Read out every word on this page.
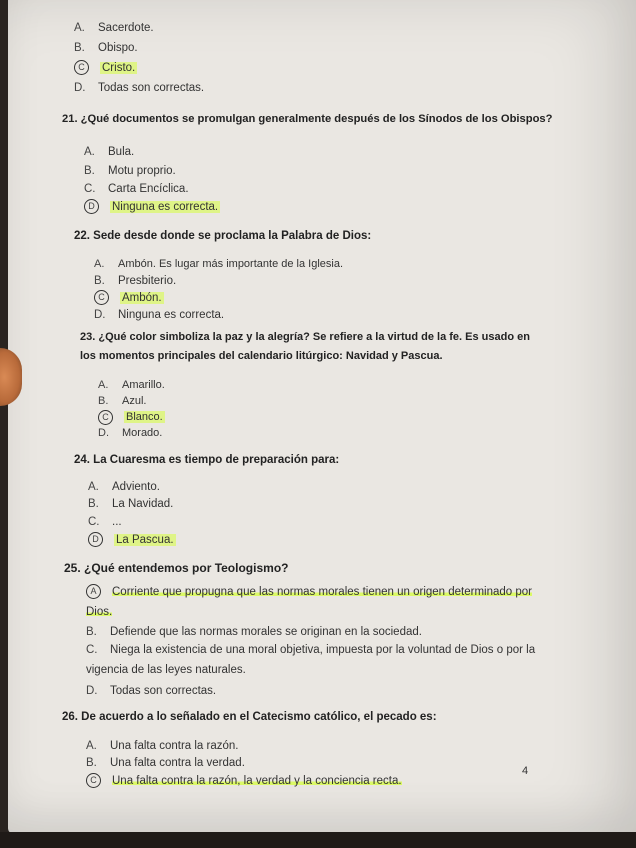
A. Sacerdote.
B. Obispo.
C Cristo.
D. Todas son correctas.
21. ¿Qué documentos se promulgan generalmente después de los Sínodos de los Obispos?
A. Bula.
B. Motu proprio.
C. Carta Encíclica.
D Ninguna es correcta.
22. Sede desde donde se proclama la Palabra de Dios:
A. Ambón. Es lugar más importante de la Iglesia.
B. Presbiterio.
C Ambón.
D. Ninguna es correcta.
23. ¿Qué color simboliza la paz y la alegría? Se refiere a la virtud de la fe. Es usado en los momentos principales del calendario litúrgico: Navidad y Pascua.
A. Amarillo.
B. Azul.
C Blanco.
D. Morado.
24. La Cuaresma es tiempo de preparación para:
A. Adviento.
B. La Navidad.
C. ...
D La Pascua.
25. ¿Qué entendemos por Teologismo?
A Corriente que propugna que las normas morales tienen un origen determinado por Dios.
B. Defiende que las normas morales se originan en la sociedad.
C. Niega la existencia de una moral objetiva, impuesta por la voluntad de Dios o por la vigencia de las leyes naturales.
D. Todas son correctas.
26. De acuerdo a lo señalado en el Catecismo católico, el pecado es:
A. Una falta contra la razón.
B. Una falta contra la verdad.
C Una falta contra la razón, la verdad y la conciencia recta.
4
